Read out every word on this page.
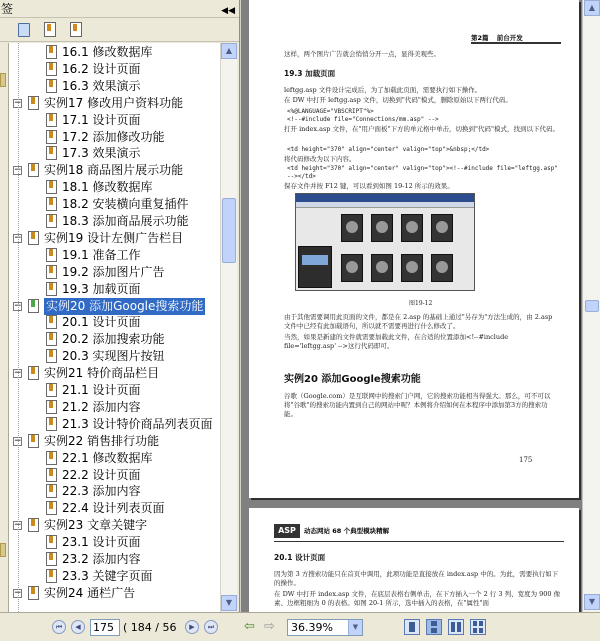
签	◀◀
16.1 修改数据库
16.2 设计页面
16.3 效果演示
− 实例17 修改用户资料功能
17.1 设计页面
17.2 添加修改功能
17.3 效果演示
− 实例18 商品图片展示功能
18.1 修改数据库
18.2 安装横向重复插件
18.3 添加商品展示功能
− 实例19 设计左侧广告栏目
19.1 准备工作
19.2 添加图片广告
19.3 加载页面
− 实例20 添加Google搜索功能
20.1 设计页面
20.2 添加搜索功能
20.3 实现图片按钮
− 实例21 特价商品栏目
21.1 设计页面
21.2 添加内容
21.3 设计特价商品列表页面
− 实例22 销售排行功能
22.1 修改数据库
22.2 设计页面
22.3 添加内容
22.4 设计列表页面
− 实例23 文章关键字
23.1 设计页面
23.2 添加内容
23.3 关键字页面
− 实例24 通栏广告
▲
▼
第2篇 前台开发
这样，两个图片广告就会悄悄分开一点，显得美观些。
19.3 加载页面
leftgg.asp 文件设计完成后，为了加载此页面，需要执行如下操作。
在 DW 中打开 leftgg.asp 文件，切换到"代码"模式，删除原始以下两行代码。
<%@LANGUAGE="VBSCRIPT"%>
<!--#include file="Connections/mm.asp" -->
打开 index.asp 文件，在"用户面板"下方的单元格中单击，切换到"代码"模式，找到以下代码。
<td height="370" align="center" valign="top">&nbsp;</td>
将代码修改为以下内容。
<td height="370" align="center" valign="top"><!--#include file="leftgg.asp" --></td>
保存文件并按 F12 键，可以看到如图 19-12 所示的效果。
图19-12
由于其他需要调用此页面的文件，都是在 2.asp 的基础上通过"另存为"方法生成的，由 2.asp 文件中已经有此加载语句，所以就不需要再进行什么修改了。
当然，如果是新建的文件就需要加载此文件，在合适的位置添加<!--#include file='leftgg.asp' -->这行代码即可。
实例20 添加Google搜索功能
谷歌（Google.com）是互联网中的搜索门户网，它的搜索功能相当得强大。那么，可不可以将"谷歌"的搜索功能内置到自己的网站中呢？本例将介绍如何在本程序中添加第3方的搜索功能。
175
ASP	动态网站 68 个典型模块精解
20.1 设计页面
因为第 3 方搜索功能只在首页中调用，此项功能是直接放在 index.asp 中的。为此，需要执行如下的操作。
在 DW 中打开 index.asp 文件，在底层表格右侧单击，在下方插入一个 2 行 3 列、宽度为 900 像素、边框粗细为 0 的表格。如图 20-1 所示，选中插入的表格，在"属性"面
▲
▼
⏮	◀	175 ( 184 / 56	▶	⏭ ⇦ ⇨	36.39%	▼
